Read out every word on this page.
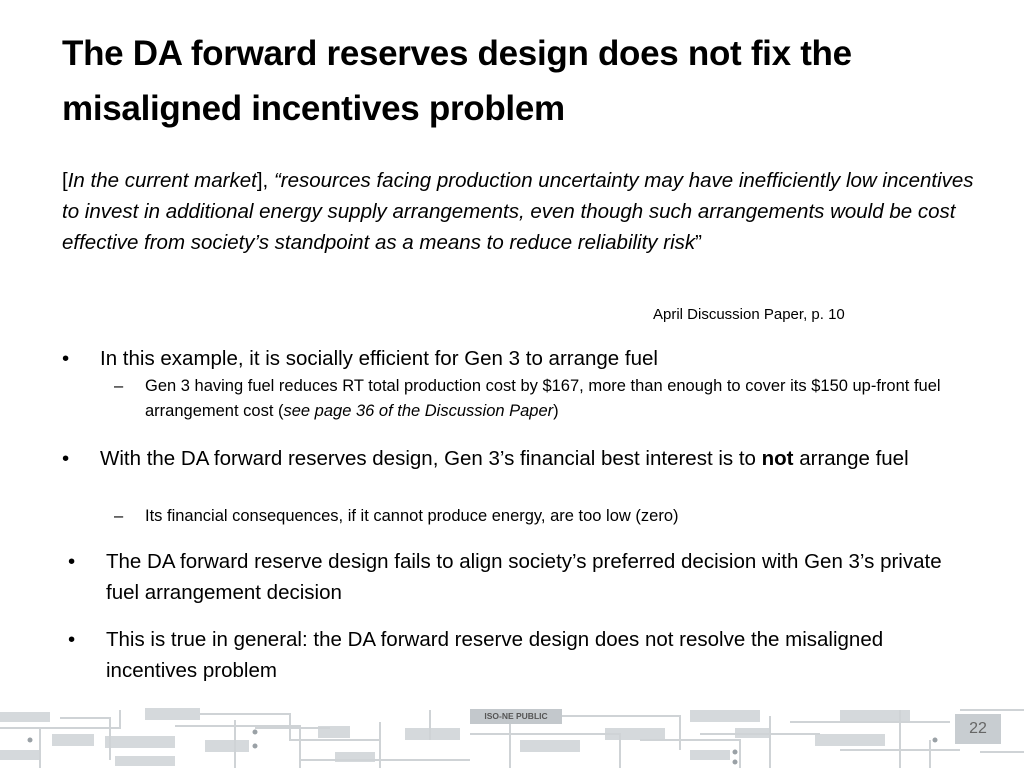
The DA forward reserves design does not fix the misaligned incentives problem
[In the current market], “resources facing production uncertainty may have inefficiently low incentives to invest in additional energy supply arrangements, even though such arrangements would be cost effective from society’s standpoint as a means to reduce reliability risk”
April Discussion Paper, p. 10
• In this example, it is socially efficient for Gen 3 to arrange fuel
– Gen 3 having fuel reduces RT total production cost by $167, more than enough to cover its $150 up-front fuel arrangement cost (see page 36 of the Discussion Paper)
• With the DA forward reserves design, Gen 3’s financial best interest is to not arrange fuel
– Its financial consequences, if it cannot produce energy, are too low (zero)
• The DA forward reserve design fails to align society’s preferred decision with Gen 3’s private fuel arrangement decision
• This is true in general: the DA forward reserve design does not resolve the misaligned incentives problem
ISO-NE PUBLIC
22
